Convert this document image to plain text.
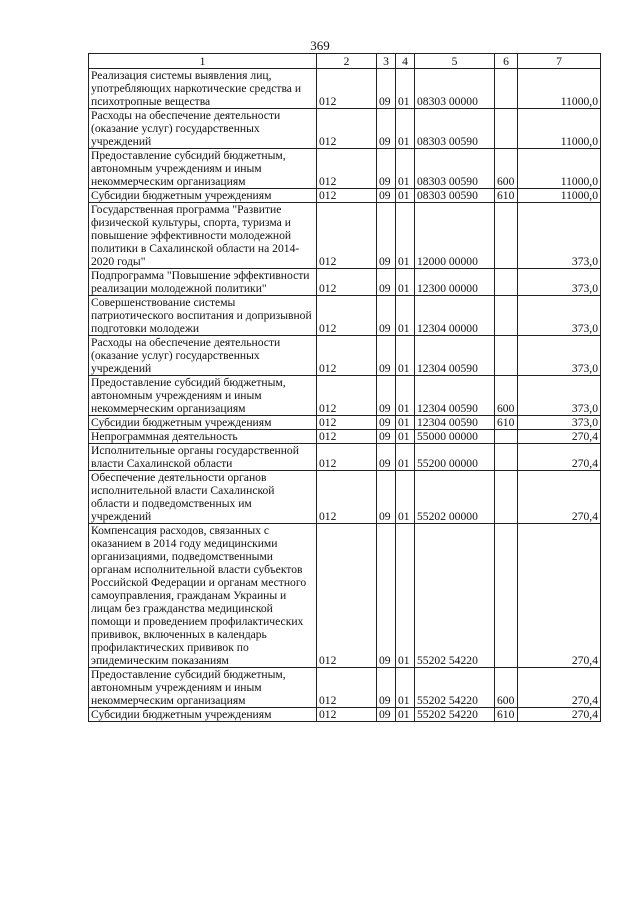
369
1	2	3	4	5	6	7
Реализация системы выявления лиц, употребляющих наркотические средства и психотропные вещества	012	09	01	08303 00000		11000,0
Расходы на обеспечение деятельности (оказание услуг) государственных учреждений	012	09	01	08303 00590		11000,0
Предоставление субсидий бюджетным, автономным учреждениям и иным некоммерческим организациям	012	09	01	08303 00590	600	11000,0
Субсидии бюджетным учреждениям	012	09	01	08303 00590	610	11000,0
Государственная программа "Развитие физической культуры, спорта, туризма и повышение эффективности молодежной политики в Сахалинской области на 2014-2020 годы"	012	09	01	12000 00000		373,0
Подпрограмма "Повышение эффективности реализации молодежной политики"	012	09	01	12300 00000		373,0
Совершенствование системы патриотического воспитания и допризывной подготовки молодежи	012	09	01	12304 00000		373,0
Расходы на обеспечение деятельности (оказание услуг) государственных учреждений	012	09	01	12304 00590		373,0
Предоставление субсидий бюджетным, автономным учреждениям и иным некоммерческим организациям	012	09	01	12304 00590	600	373,0
Субсидии бюджетным учреждениям	012	09	01	12304 00590	610	373,0
Непрограммная деятельность	012	09	01	55000 00000		270,4
Исполнительные органы государственной власти Сахалинской области	012	09	01	55200 00000		270,4
Обеспечение деятельности органов исполнительной власти Сахалинской области и подведомственных им учреждений	012	09	01	55202 00000		270,4
Компенсация расходов, связанных с оказанием в 2014 году медицинскими организациями, подведомственными органам исполнительной власти субъектов Российской Федерации и органам местного самоуправления, гражданам Украины и лицам без гражданства медицинской помощи и проведением профилактических прививок, включенных в календарь профилактических прививок по эпидемическим показаниям	012	09	01	55202 54220		270,4
Предоставление субсидий бюджетным, автономным учреждениям и иным некоммерческим организациям	012	09	01	55202 54220	600	270,4
Субсидии бюджетным учреждениям	012	09	01	55202 54220	610	270,4
